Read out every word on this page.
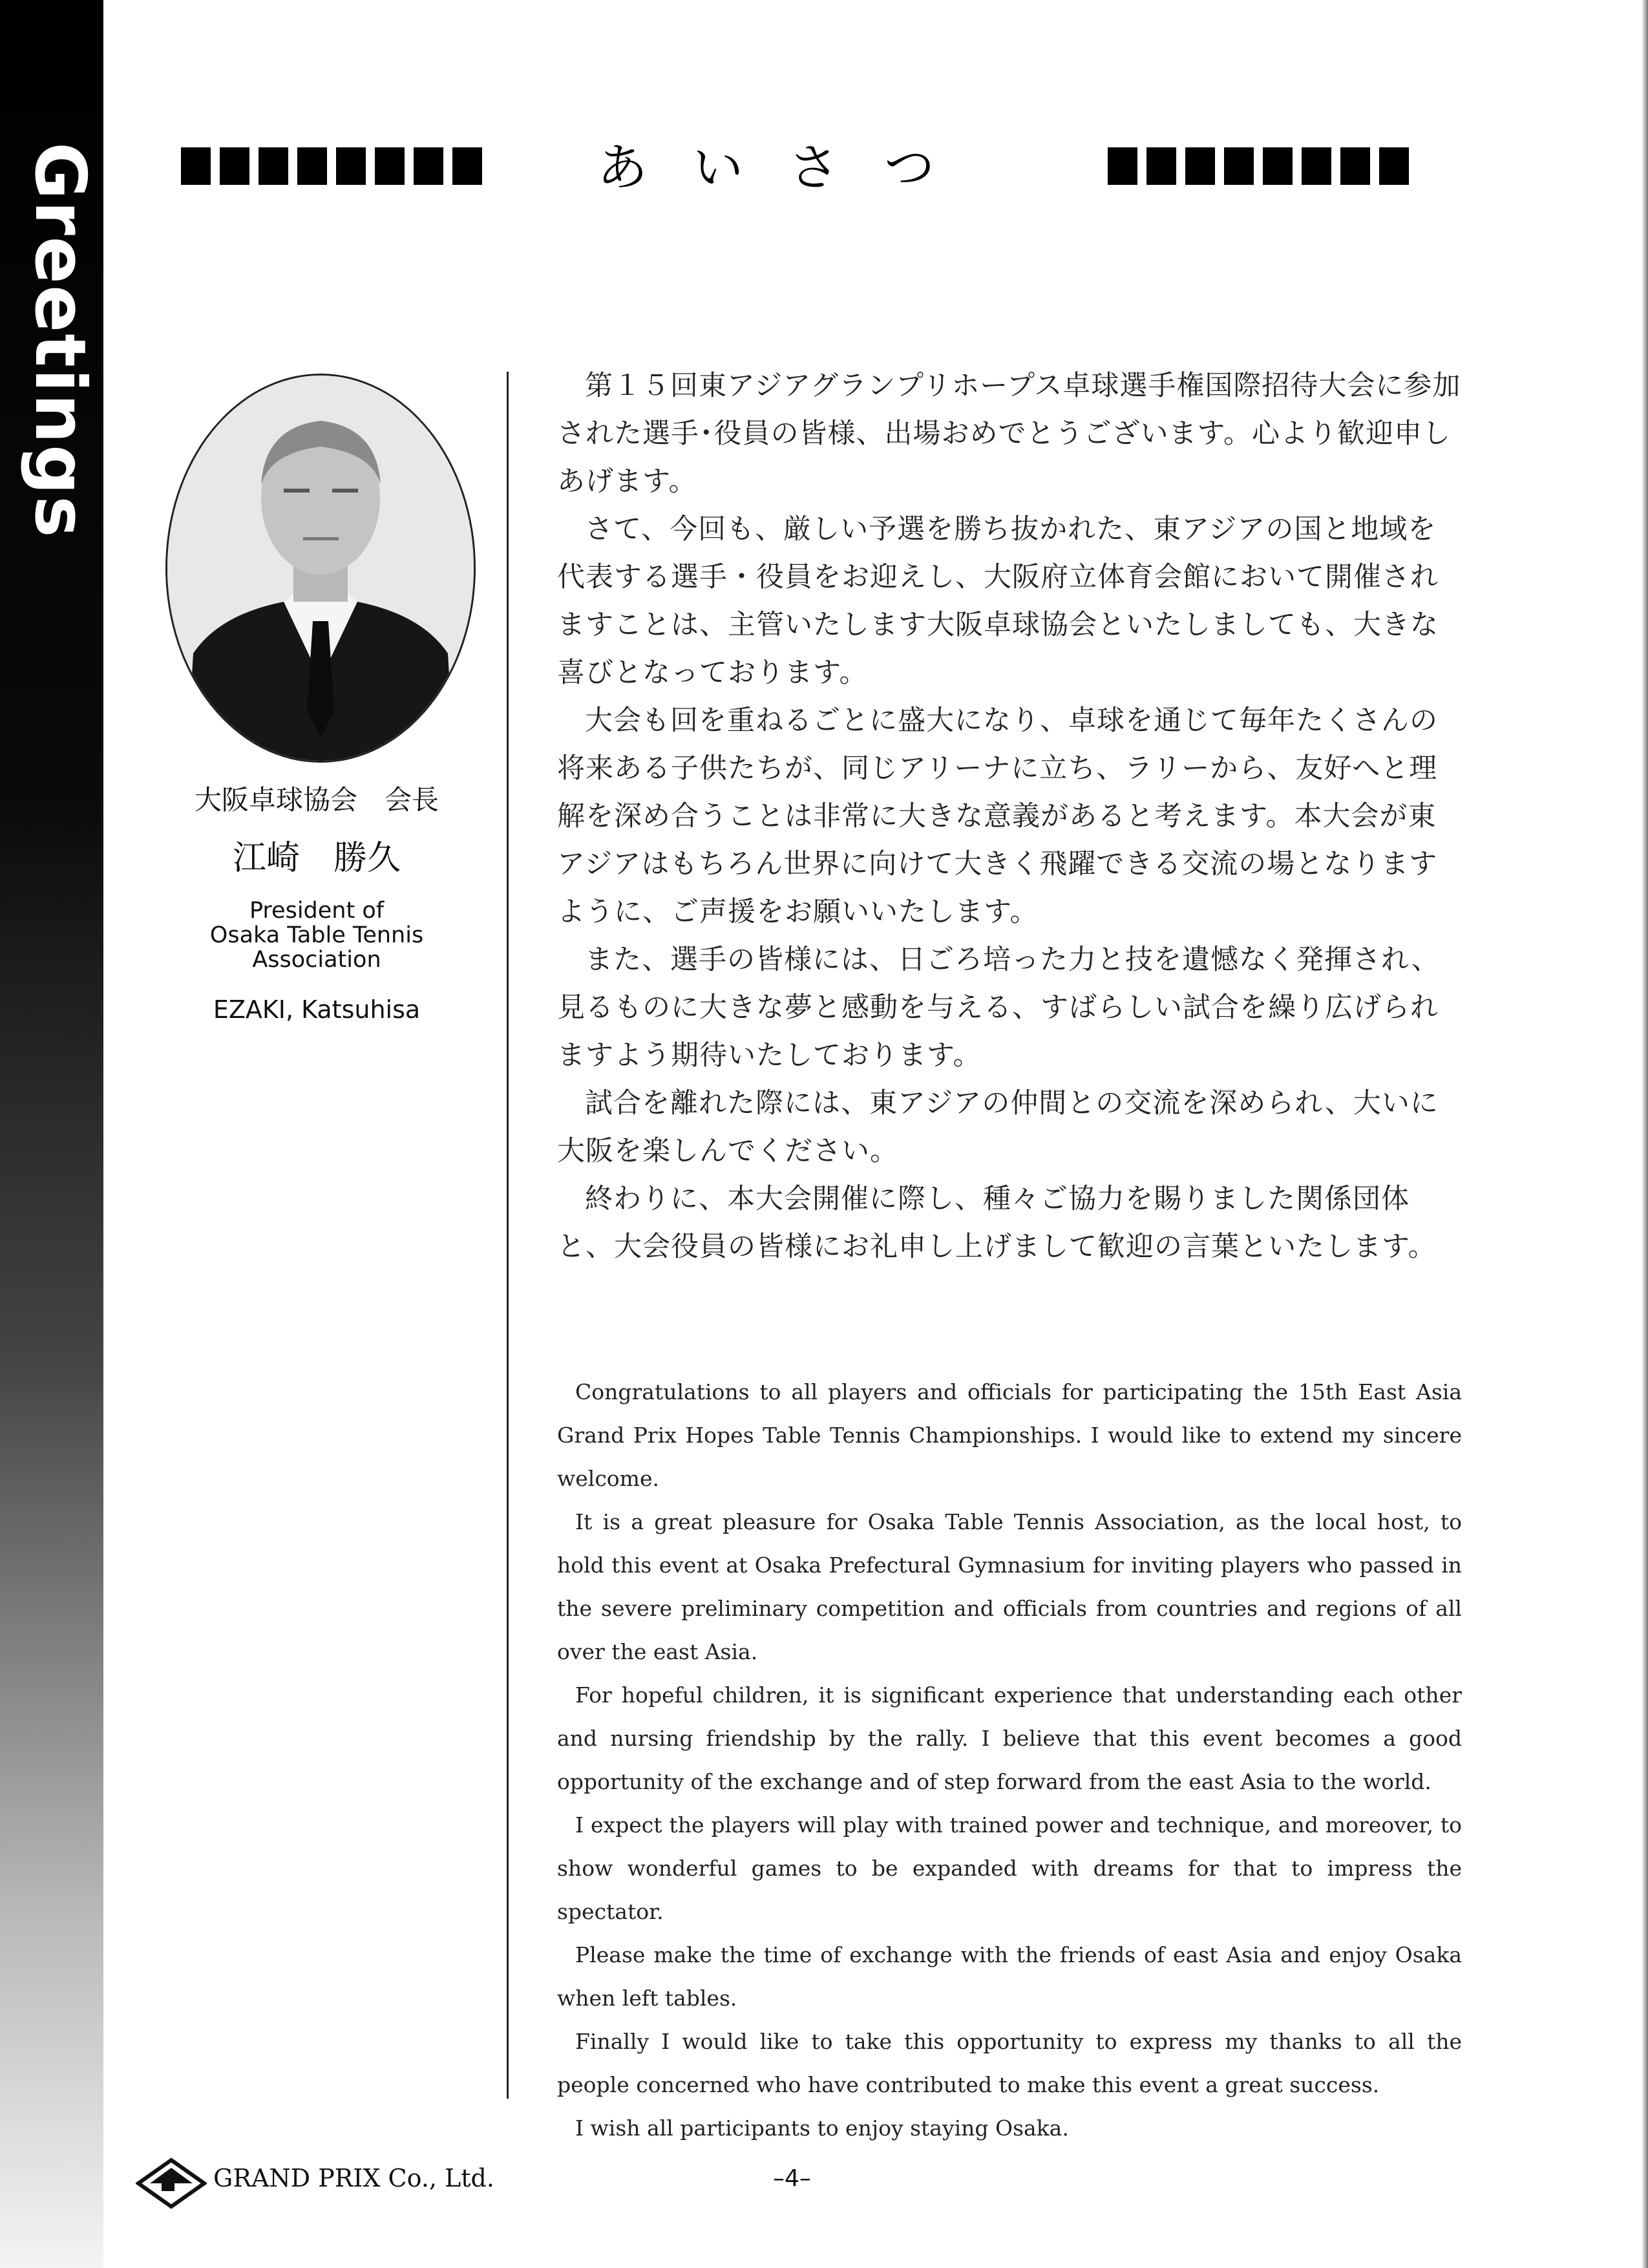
Greetings	あいさつ
大阪卓球協会　会長
江崎　勝久
President of
Osaka Table Tennis
Association
EZAKI, Katsuhisa

第１５回東アジアグランプリホープス卓球選手権国際招待大会に参加された選手･役員の皆様、出場おめでとうございます。心より歓迎申しあげます。

さて、今回も、厳しい予選を勝ち抜かれた、東アジアの国と地域を代表する選手・役員をお迎えし、大阪府立体育会館において開催されますことは、主管いたします大阪卓球協会といたしましても、大きな喜びとなっております。

大会も回を重ねるごとに盛大になり、卓球を通じて毎年たくさんの将来ある子供たちが、同じアリーナに立ち、ラリーから、友好へと理解を深め合うことは非常に大きな意義があると考えます。本大会が東アジアはもちろん世界に向けて大きく飛躍できる交流の場となりますように、ご声援をお願いいたします。

また、選手の皆様には、日ごろ培った力と技を遺憾なく発揮され、見るものに大きな夢と感動を与える、すばらしい試合を繰り広げられますよう期待いたしております。

試合を離れた際には、東アジアの仲間との交流を深められ、大いに大阪を楽しんでください。

終わりに、本大会開催に際し、種々ご協力を賜りました関係団体と、大会役員の皆様にお礼申し上げまして歓迎の言葉といたします。

Congratulations to all players and officials for participating the 15th East Asia Grand Prix Hopes Table Tennis Championships. I would like to extend my sincere welcome.

It is a great pleasure for Osaka Table Tennis Association, as the local host, to hold this event at Osaka Prefectural Gymnasium for inviting players who passed in the severe preliminary competition and officials from countries and regions of all over the east Asia.

For hopeful children, it is significant experience that understanding each other and nursing friendship by the rally. I believe that this event becomes a good opportunity of the exchange and of step forward from the east Asia to the world.

I expect the players will play with trained power and technique, and moreover, to show wonderful games to be expanded with dreams for that to impress the spectator.

Please make the time of exchange with the friends of east Asia and enjoy Osaka when left tables.

Finally I would like to take this opportunity to express my thanks to all the people concerned who have contributed to make this event a great success.

I wish all participants to enjoy staying Osaka.

GRAND PRIX Co., Ltd.	–4–
